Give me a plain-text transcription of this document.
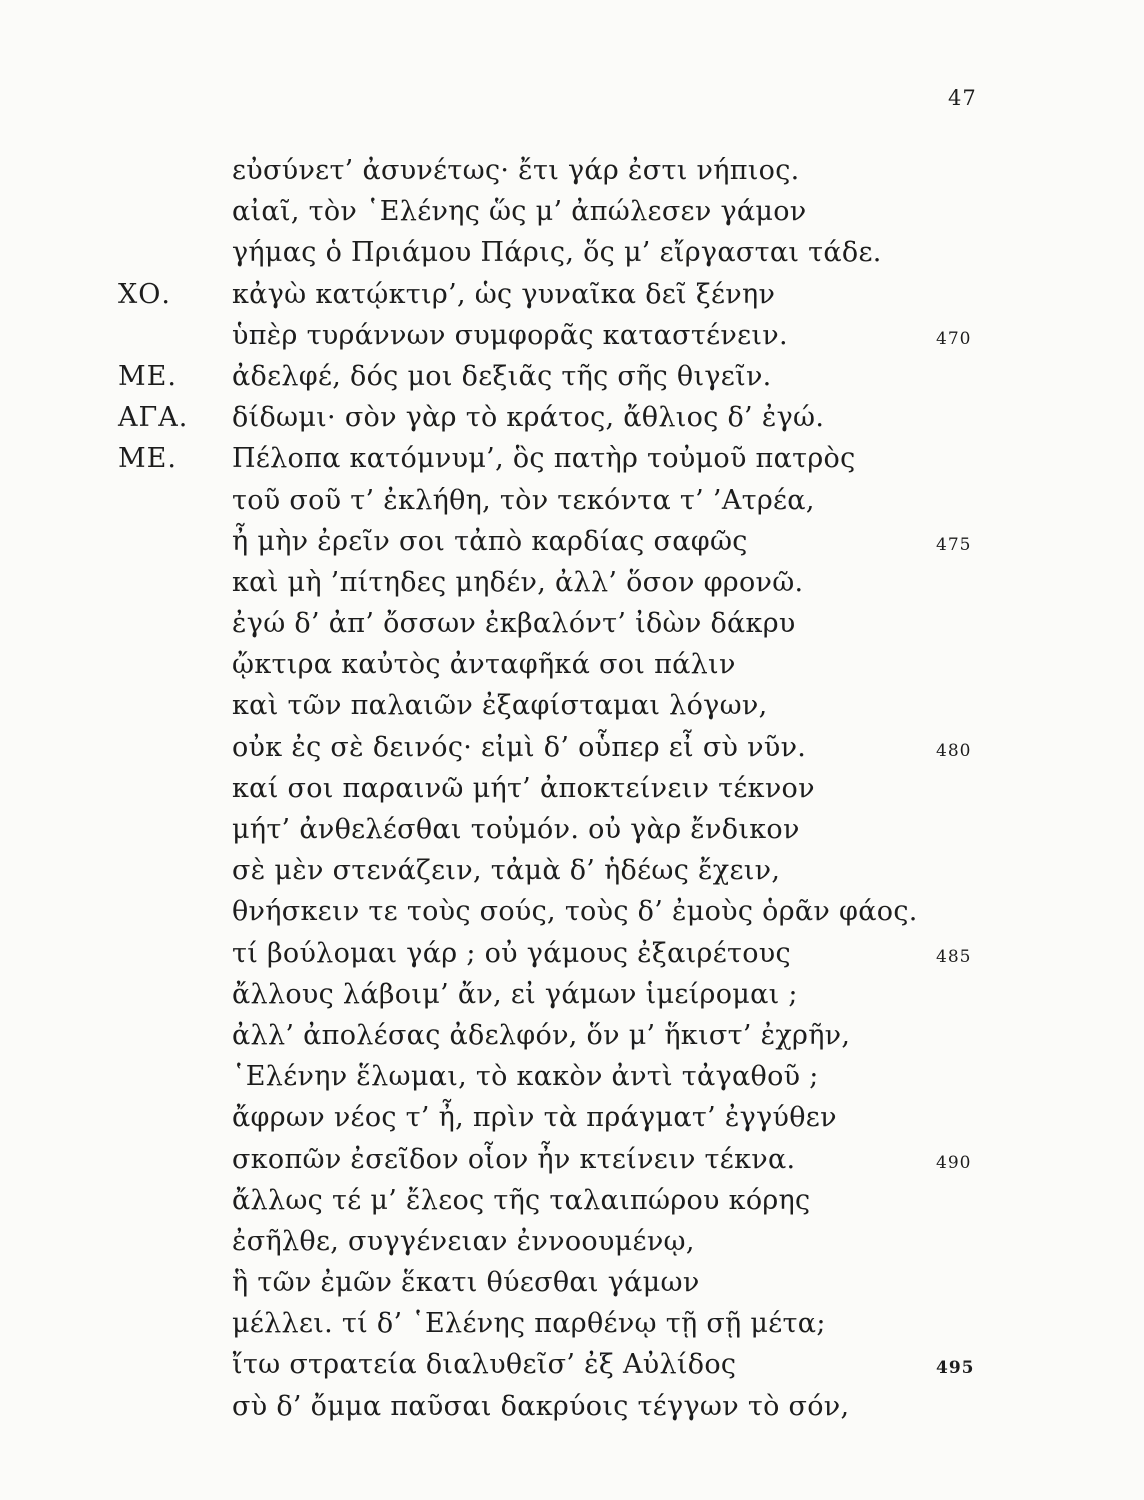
47
εὐσύνετ’ ἀσυνέτως· ἔτι γάρ ἐστι νήπιος.
αἰαῖ, τὸν ῾Ελένης ὥς μ’ ἀπώλεσεν γάμον
γήμας ὁ Πριάμου Πάρις, ὅς μ’ εἴργασται τάδε.
ΧΟ. κἀγὼ κατῴκτιρ’, ὡς γυναῖκα δεῖ ξένην
ὑπὲρ τυράννων συμφορᾶς καταστένειν.	470
ΜΕ. ἀδελφέ, δός μοι δεξιᾶς τῆς σῆς θιγεῖν.
ΑΓΑ. δίδωμι· σὸν γὰρ τὸ κράτος, ἄθλιος δ’ ἐγώ.
ΜΕ. Πέλοπα κατόμνυμ’, ὃς πατὴρ τοὐμοῦ πατρὸς
τοῦ σοῦ τ’ ἐκλήθη, τὸν τεκόντα τ’ ’Ατρέα,
ἦ μὴν ἐρεῖν σοι τἀπὸ καρδίας σαφῶς	475
καὶ μὴ ’πίτηδες μηδέν, ἀλλ’ ὅσον φρονῶ.
ἐγώ δ’ ἀπ’ ὄσσων ἐκβαλόντ’ ἰδὼν δάκρυ
ᾤκτιρα καὐτὸς ἀνταφῆκά σοι πάλιν
καὶ τῶν παλαιῶν ἐξαφίσταμαι λόγων,
οὐκ ἐς σὲ δεινός· εἰμὶ δ’ οὗπερ εἶ σὺ νῦν.	480
καί σοι παραινῶ μήτ’ ἀποκτείνειν τέκνον
μήτ’ ἀνθελέσθαι τοὐμόν. οὐ γὰρ ἔνδικον
σὲ μὲν στενάζειν, τἀμὰ δ’ ἡδέως ἔχειν,
θνήσκειν τε τοὺς σούς, τοὺς δ’ ἐμοὺς ὁρᾶν φάος.
τί βούλομαι γάρ ; οὐ γάμους ἐξαιρέτους	485
ἄλλους λάβοιμ’ ἄν, εἰ γάμων ἱμείρομαι ;
ἀλλ’ ἀπολέσας ἀδελφόν, ὅν μ’ ἥκιστ’ ἐχρῆν,
῾Ελένην ἕλωμαι, τὸ κακὸν ἀντὶ τἀγαθοῦ ;
ἄφρων νέος τ’ ἦ, πρὶν τὰ πράγματ’ ἐγγύθεν
σκοπῶν ἐσεῖδον οἷον ἦν κτείνειν τέκνα.	490
ἄλλως τέ μ’ ἔλεος τῆς ταλαιπώρου κόρης
ἐσῆλθε, συγγένειαν ἐννοουμένῳ,
ἣ τῶν ἐμῶν ἕκατι θύεσθαι γάμων
μέλλει. τί δ’ ῾Ελένης παρθένῳ τῇ σῇ μέτα;
ἴτω στρατεία διαλυθεῖσ’ ἐξ Αὐλίδος	495
σὺ δ’ ὄμμα παῦσαι δακρύοις τέγγων τὸ σόν,
